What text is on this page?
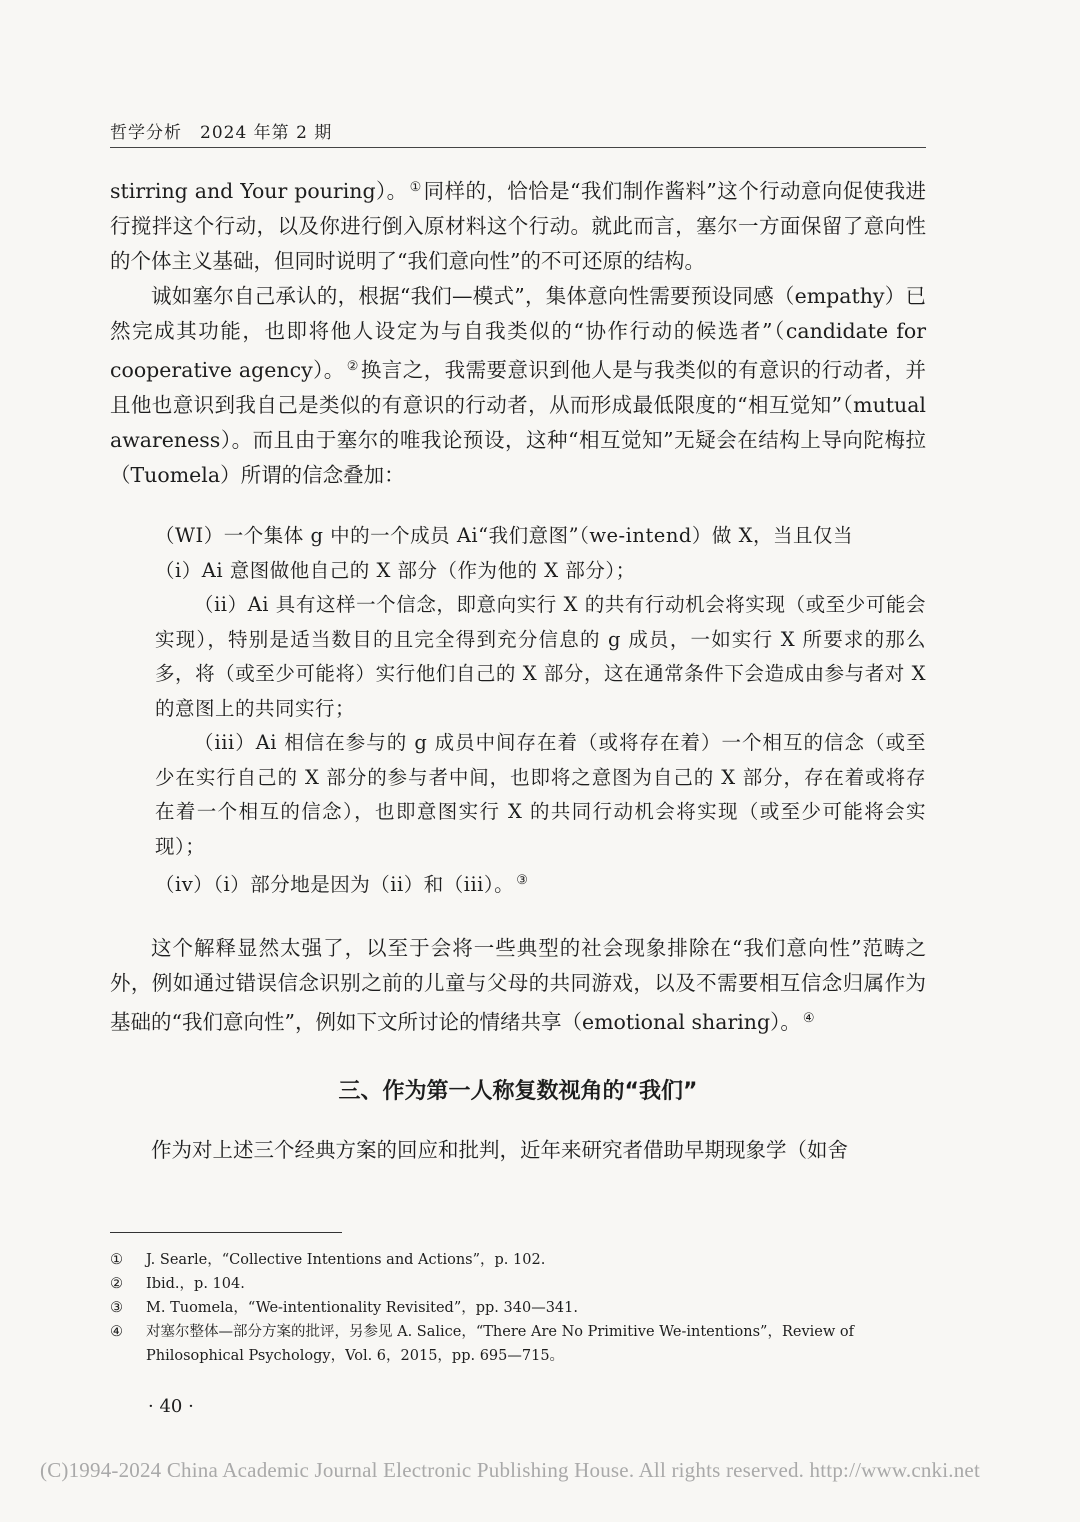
哲学分析 2024 年第 2 期

stirring and Your pouring）。 ①同样的，恰恰是“我们制作酱料”这个行动意向促使我进行搅拌这个行动，以及你进行倒入原材料这个行动。就此而言，塞尔一方面保留了意向性的个体主义基础，但同时说明了“我们意向性”的不可还原的结构。

诚如塞尔自己承认的，根据“我们—模式”，集体意向性需要预设同感（empathy）已然完成其功能，也即将他人设定为与自我类似的“协作行动的候选者”（candidate for cooperative agency）。 ②换言之，我需要意识到他人是与我类似的有意识的行动者，并且他也意识到我自己是类似的有意识的行动者，从而形成最低限度的“相互觉知”（mutual awareness）。而且由于塞尔的唯我论预设，这种“相互觉知”无疑会在结构上导向陀梅拉（Tuomela）所谓的信念叠加：

（WI）一个集体 g 中的一个成员 Ai“我们意图”（we-intend）做 X，当且仅当

（i）Ai 意图做他自己的 X 部分（作为他的 X 部分）；

（ii）Ai 具有这样一个信念，即意向实行 X 的共有行动机会将实现（或至少可能会实现），特别是适当数目的且完全得到充分信息的 g 成员，一如实行 X 所要求的那么多，将（或至少可能将）实行他们自己的 X 部分，这在通常条件下会造成由参与者对 X 的意图上的共同实行；

（iii）Ai 相信在参与的 g 成员中间存在着（或将存在着）一个相互的信念（或至少在实行自己的 X 部分的参与者中间，也即将之意图为自己的 X 部分，存在着或将存在着一个相互的信念），也即意图实行 X 的共同行动机会将实现（或至少可能将会实现）；

（iv）（i）部分地是因为（ii）和（iii）。 ③

这个解释显然太强了，以至于会将一些典型的社会现象排除在“我们意向性”范畴之外，例如通过错误信念识别之前的儿童与父母的共同游戏，以及不需要相互信念归属作为基础的“我们意向性”，例如下文所讨论的情绪共享（emotional sharing）。 ④

三、作为第一人称复数视角的“我们”

作为对上述三个经典方案的回应和批判，近年来研究者借助早期现象学（如舍

①	J. Searle，“Collective Intentions and Actions”，p. 102.
②	Ibid.，p. 104.
③	M. Tuomela，“We-intentionality Revisited”，pp. 340—341.
④	对塞尔整体—部分方案的批评，另参见 A. Salice，“There Are No Primitive We-intentions”，Review of Philosophical Psychology，Vol. 6，2015，pp. 695—715。
· 40 ·
(C)1994-2024 China Academic Journal Electronic Publishing House. All rights reserved. http://www.cnki.net
